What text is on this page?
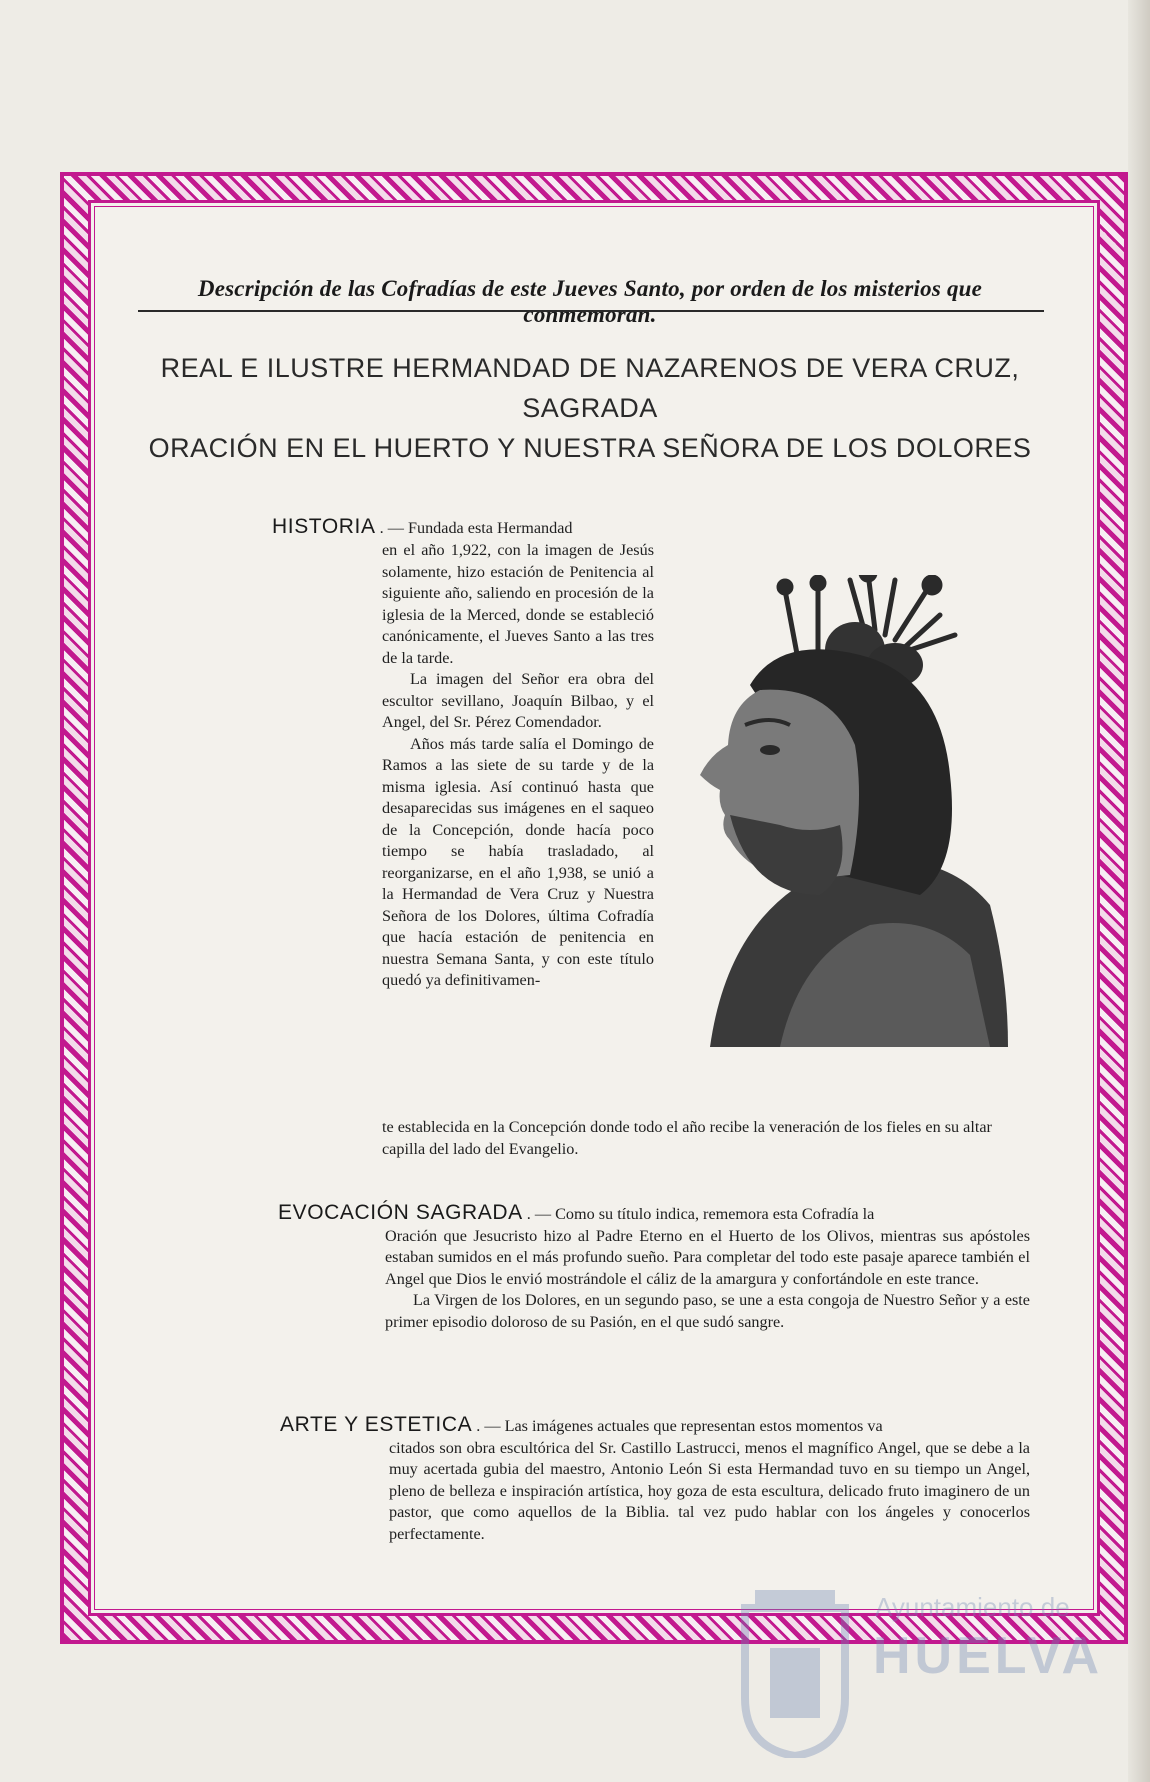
Descripción de las Cofradías de este Jueves Santo, por orden de los misterios que conmemoran.
REAL E ILUSTRE HERMANDAD DE NAZARENOS DE VERA CRUZ, SAGRADA
ORACIÓN EN EL HUERTO Y NUESTRA SEÑORA DE LOS DOLORES
HISTORIA . — Fundada esta Hermandad

en el año 1,922, con la imagen de Jesús solamente, hizo estación de Penitencia al siguiente año, saliendo en procesión de la iglesia de la Merced, donde se estableció canónicamente, el Jueves Santo a las tres de la tarde.

La imagen del Señor era obra del escultor sevillano, Joaquín Bilbao, y el Angel, del Sr. Pérez Comendador.

Años más tarde salía el Domingo de Ramos a las siete de su tarde y de la misma iglesia. Así continuó hasta que desaparecidas sus imágenes en el saqueo de la Concepción, donde hacía poco tiempo se había trasladado, al reorganizarse, en el año 1,938, se unió a la Hermandad de Vera Cruz y Nuestra Señora de los Dolores, última Cofradía que hacía estación de penitencia en nuestra Semana Santa, y con este título quedó ya definitivamen-

te establecida en la Concepción donde todo el año recibe la veneración de los fieles en su altar capilla del lado del Evangelio.

EVOCACIÓN SAGRADA . — Como su título indica, rememora esta Cofradía la

Oración que Jesucristo hizo al Padre Eterno en el Huerto de los Olivos, mientras sus apóstoles estaban sumidos en el más profundo sueño. Para completar del todo este pasaje aparece también el Angel que Dios le envió mostrándole el cáliz de la amargura y confortándole en este trance.

La Virgen de los Dolores, en un segundo paso, se une a esta congoja de Nuestro Señor y a este primer episodio doloroso de su Pasión, en el que sudó sangre.

ARTE Y ESTETICA . — Las imágenes actuales que representan estos momentos va

citados son obra escultórica del Sr. Castillo Lastrucci, menos el magnífico Angel, que se debe a la muy acertada gubia del maestro, Antonio León Si esta Hermandad tuvo en su tiempo un Angel, pleno de belleza e inspiración artística, hoy goza de esta escultura, delicado fruto imaginero de un pastor, que como aquellos de la Biblia. tal vez pudo hablar con los ángeles y conocerlos perfectamente.

Ayuntamiento de
HUELVA
